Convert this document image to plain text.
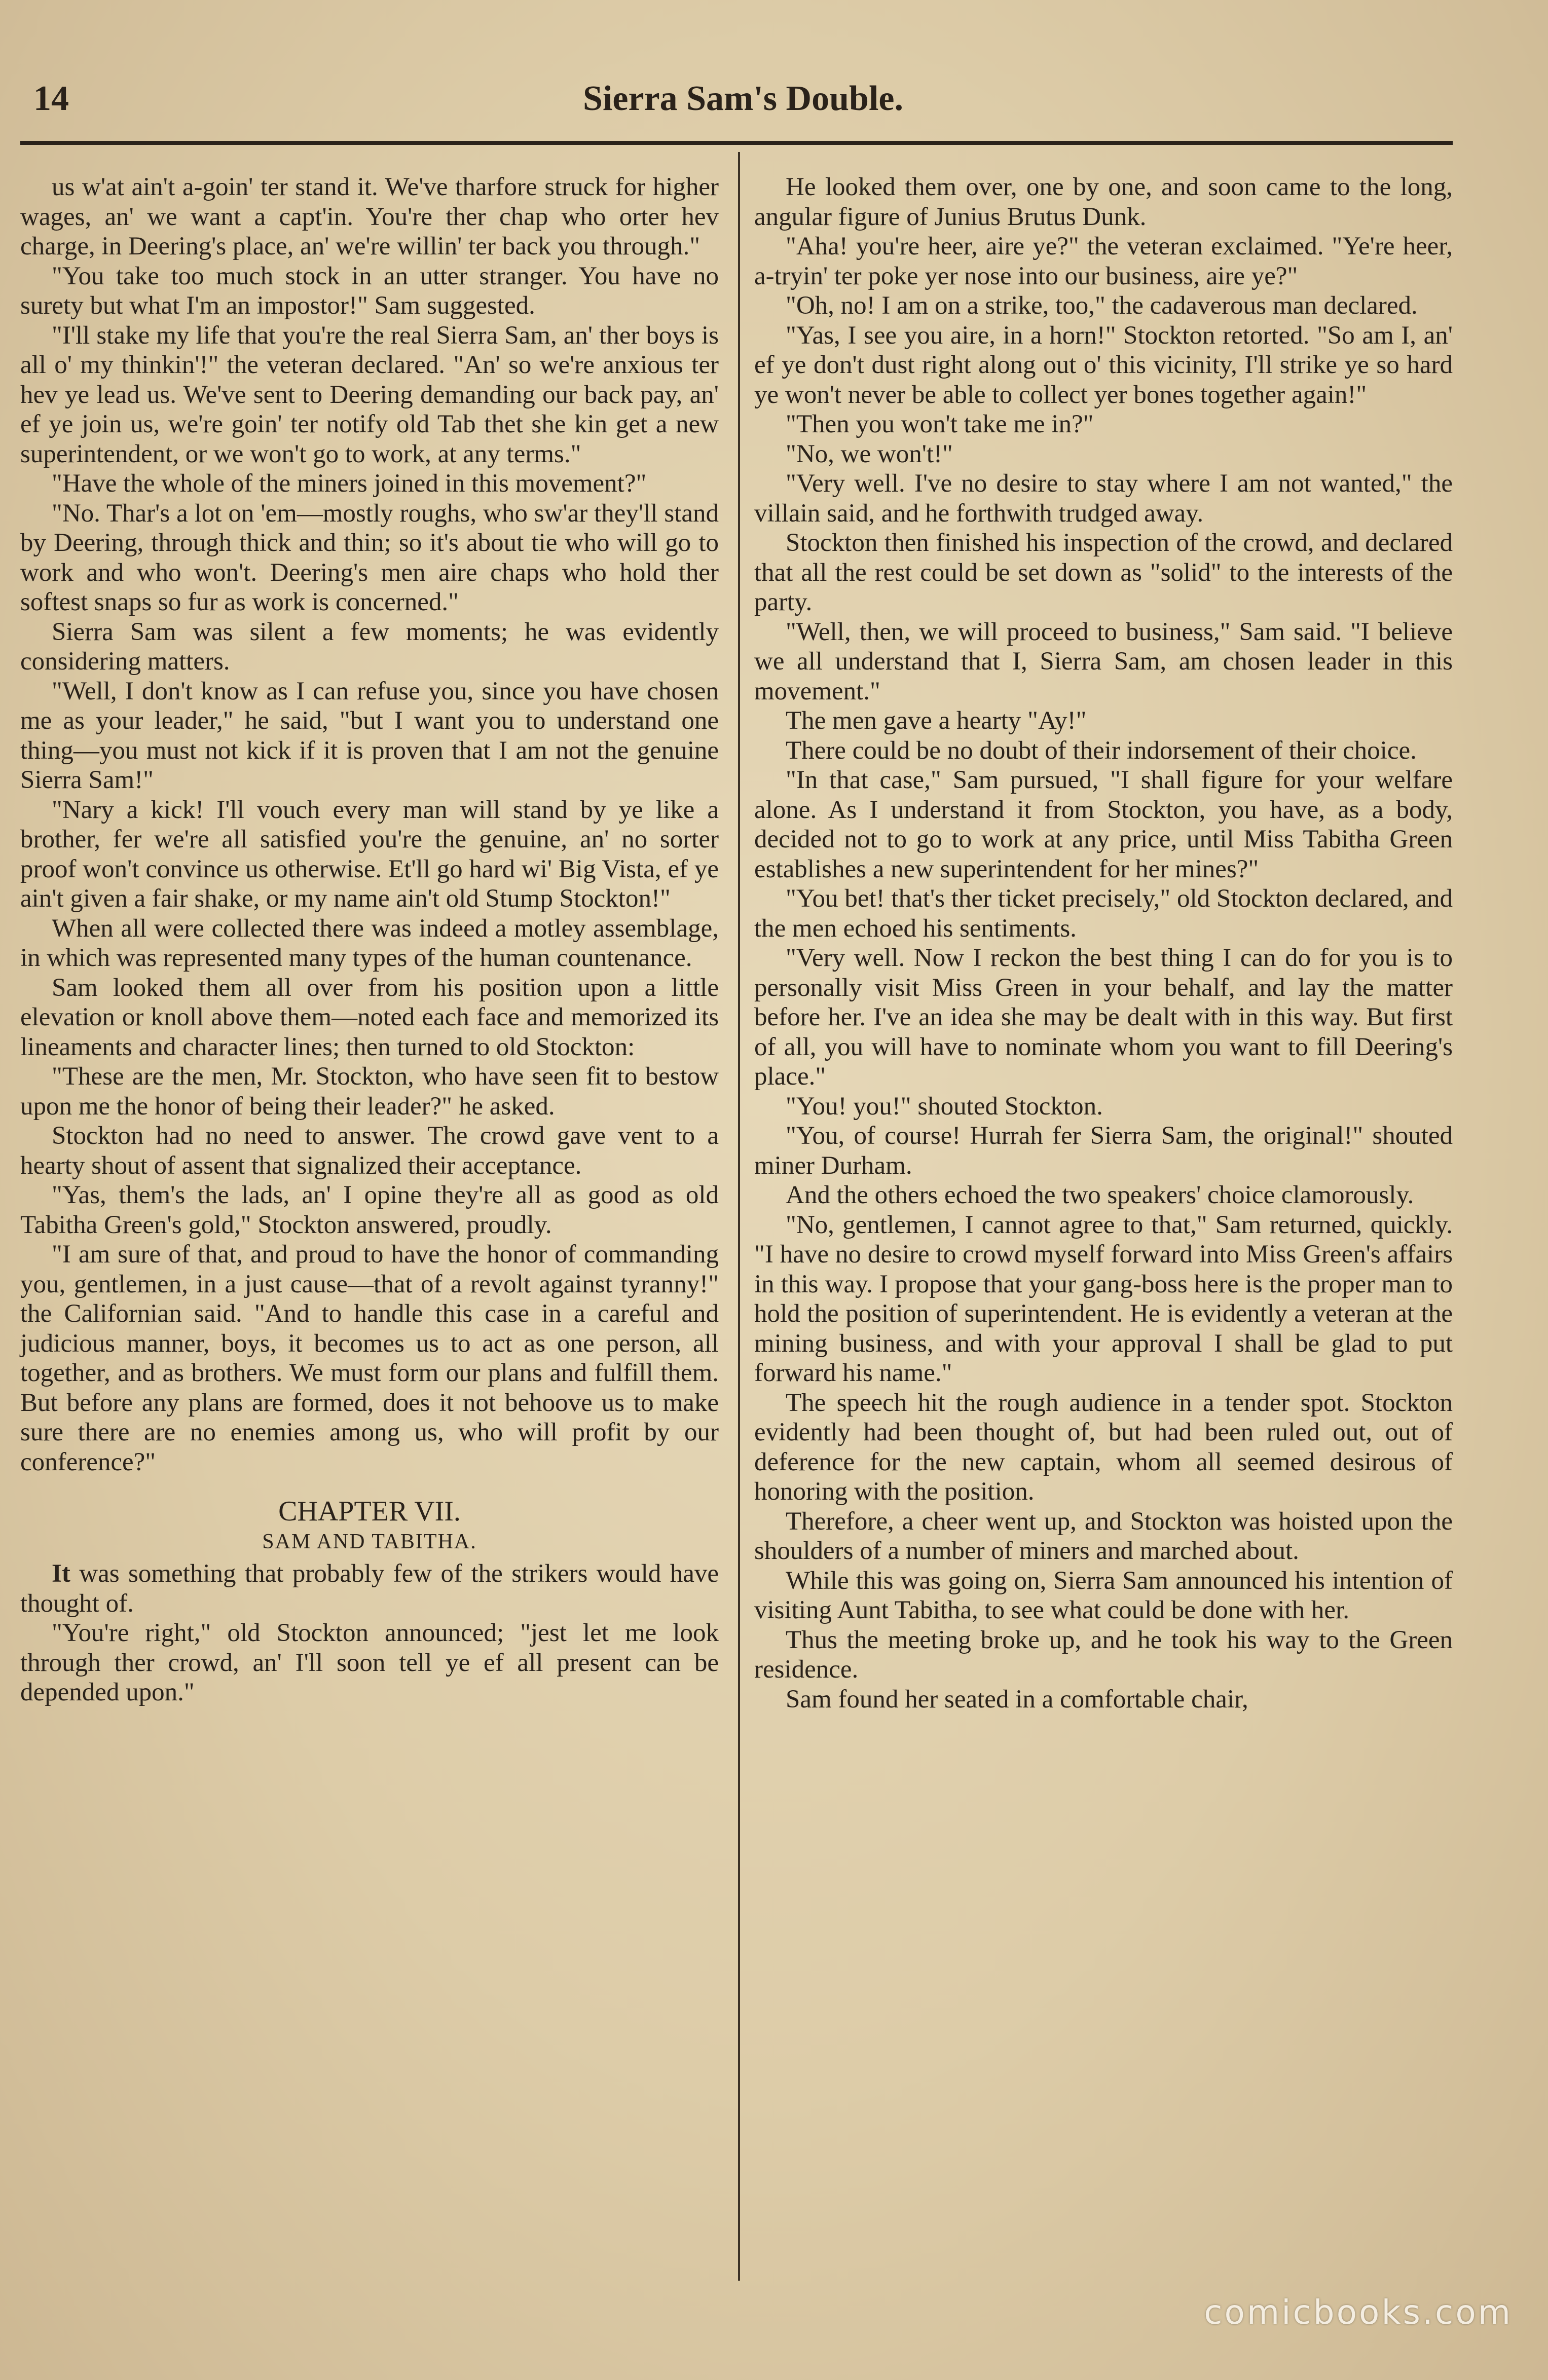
14	Sierra Sam's Double.

us w'at ain't a-goin' ter stand it. We've tharfore struck for higher wages, an' we want a capt'in. You're ther chap who orter hev charge, in Deering's place, an' we're willin' ter back you through."

"You take too much stock in an utter stranger. You have no surety but what I'm an impostor!" Sam suggested.

"I'll stake my life that you're the real Sierra Sam, an' ther boys is all o' my thinkin'!" the veteran declared. "An' so we're anxious ter hev ye lead us. We've sent to Deering demanding our back pay, an' ef ye join us, we're goin' ter notify old Tab thet she kin get a new superintendent, or we won't go to work, at any terms."

"Have the whole of the miners joined in this movement?"

"No. Thar's a lot on 'em—mostly roughs, who sw'ar they'll stand by Deering, through thick and thin; so it's about tie who will go to work and who won't. Deering's men aire chaps who hold ther softest snaps so fur as work is concerned."

Sierra Sam was silent a few moments; he was evidently considering matters.

"Well, I don't know as I can refuse you, since you have chosen me as your leader," he said, "but I want you to understand one thing—you must not kick if it is proven that I am not the genuine Sierra Sam!"

"Nary a kick! I'll vouch every man will stand by ye like a brother, fer we're all satisfied you're the genuine, an' no sorter proof won't convince us otherwise. Et'll go hard wi' Big Vista, ef ye ain't given a fair shake, or my name ain't old Stump Stockton!"

When all were collected there was indeed a motley assemblage, in which was represented many types of the human countenance.

Sam looked them all over from his position upon a little elevation or knoll above them—noted each face and memorized its lineaments and character lines; then turned to old Stockton:

"These are the men, Mr. Stockton, who have seen fit to bestow upon me the honor of being their leader?" he asked.

Stockton had no need to answer. The crowd gave vent to a hearty shout of assent that signalized their acceptance.

"Yas, them's the lads, an' I opine they're all as good as old Tabitha Green's gold," Stockton answered, proudly.

"I am sure of that, and proud to have the honor of commanding you, gentlemen, in a just cause—that of a revolt against tyranny!" the Californian said. "And to handle this case in a careful and judicious manner, boys, it becomes us to act as one person, all together, and as brothers. We must form our plans and fulfill them. But before any plans are formed, does it not behoove us to make sure there are no enemies among us, who will profit by our conference?"

CHAPTER VII.
SAM AND TABITHA.

It was something that probably few of the strikers would have thought of.

"You're right," old Stockton announced; "jest let me look through ther crowd, an' I'll soon tell ye ef all present can be depended upon."

He looked them over, one by one, and soon came to the long, angular figure of Junius Brutus Dunk.

"Aha! you're heer, aire ye?" the veteran exclaimed. "Ye're heer, a-tryin' ter poke yer nose into our business, aire ye?"

"Oh, no! I am on a strike, too," the cadaverous man declared.

"Yas, I see you aire, in a horn!" Stockton retorted. "So am I, an' ef ye don't dust right along out o' this vicinity, I'll strike ye so hard ye won't never be able to collect yer bones together again!"

"Then you won't take me in?"

"No, we won't!"

"Very well. I've no desire to stay where I am not wanted," the villain said, and he forthwith trudged away.

Stockton then finished his inspection of the crowd, and declared that all the rest could be set down as "solid" to the interests of the party.

"Well, then, we will proceed to business," Sam said. "I believe we all understand that I, Sierra Sam, am chosen leader in this movement."

The men gave a hearty "Ay!"

There could be no doubt of their indorsement of their choice.

"In that case," Sam pursued, "I shall figure for your welfare alone. As I understand it from Stockton, you have, as a body, decided not to go to work at any price, until Miss Tabitha Green establishes a new superintendent for her mines?"

"You bet! that's ther ticket precisely," old Stockton declared, and the men echoed his sentiments.

"Very well. Now I reckon the best thing I can do for you is to personally visit Miss Green in your behalf, and lay the matter before her. I've an idea she may be dealt with in this way. But first of all, you will have to nominate whom you want to fill Deering's place."

"You! you!" shouted Stockton.

"You, of course! Hurrah fer Sierra Sam, the original!" shouted miner Durham.

And the others echoed the two speakers' choice clamorously.

"No, gentlemen, I cannot agree to that," Sam returned, quickly. "I have no desire to crowd myself forward into Miss Green's affairs in this way. I propose that your gang-boss here is the proper man to hold the position of superintendent. He is evidently a veteran at the mining business, and with your approval I shall be glad to put forward his name."

The speech hit the rough audience in a tender spot. Stockton evidently had been thought of, but had been ruled out, out of deference for the new captain, whom all seemed desirous of honoring with the position.

Therefore, a cheer went up, and Stockton was hoisted upon the shoulders of a number of miners and marched about.

While this was going on, Sierra Sam announced his intention of visiting Aunt Tabitha, to see what could be done with her.

Thus the meeting broke up, and he took his way to the Green residence.

Sam found her seated in a comfortable chair,

comicbooks.com
